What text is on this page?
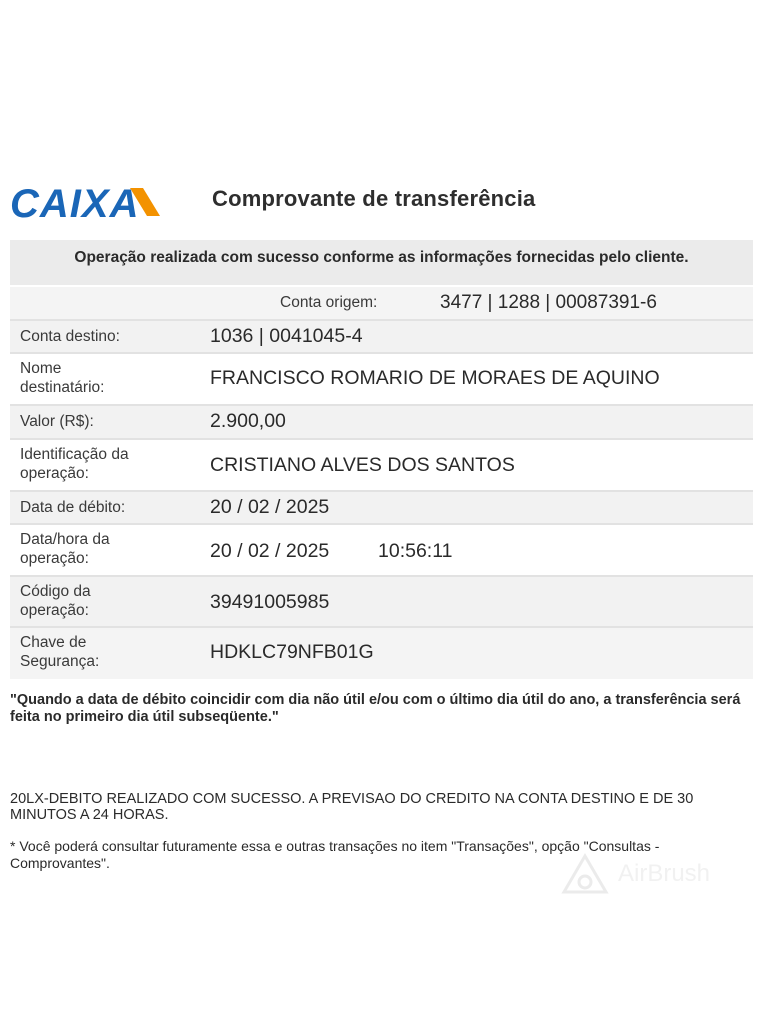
CAIXA	Comprovante de transferência
Operação realizada com sucesso conforme as informações fornecidas pelo cliente.
Conta origem:	3477 | 1288 | 00087391-6
Conta destino:	1036 | 0041045-4
Nome destinatário:	FRANCISCO ROMARIO DE MORAES DE AQUINO
Valor (R$):	2.900,00
Identificação da operação:	CRISTIANO ALVES DOS SANTOS
Data de débito:	20 / 02 / 2025
Data/hora da operação:	20 / 02 / 2025 10:56:11
Código da operação:	39491005985
Chave de Segurança:	HDKLC79NFB01G
"Quando a data de débito coincidir com dia não útil e/ou com o último dia útil do ano, a transferência será feita no primeiro dia útil subseqüente."
20LX-DEBITO REALIZADO COM SUCESSO. A PREVISAO DO CREDITO NA CONTA DESTINO E DE 30 MINUTOS A 24 HORAS.
* Você poderá consultar futuramente essa e outras transações no item "Transações", opção "Consultas - Comprovantes".	AirBrush
